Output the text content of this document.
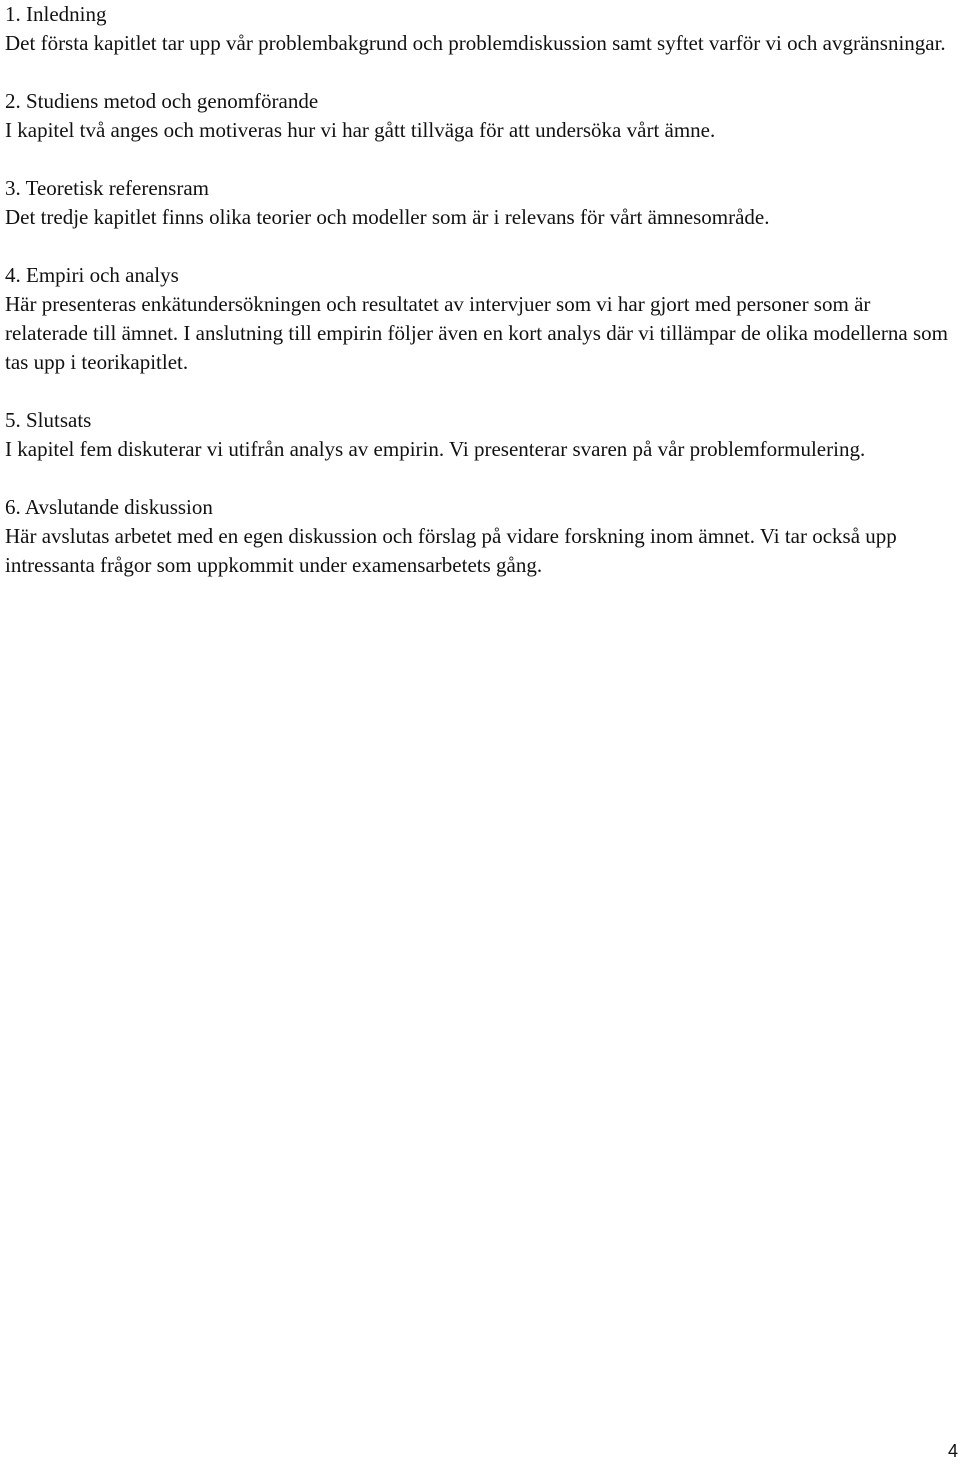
1. Inledning

Det första kapitlet tar upp vår problembakgrund och problemdiskussion samt syftet varför vi och avgränsningar.

2. Studiens metod och genomförande

I kapitel två anges och motiveras hur vi har gått tillväga för att undersöka vårt ämne.

3. Teoretisk referensram

Det tredje kapitlet finns olika teorier och modeller som är i relevans för vårt ämnesområde.

4. Empiri och analys

Här presenteras enkätundersökningen och resultatet av intervjuer som vi har gjort med personer som är relaterade till ämnet. I anslutning till empirin följer även en kort analys där vi tillämpar de olika modellerna som tas upp i teorikapitlet.

5. Slutsats

I kapitel fem diskuterar vi utifrån analys av empirin. Vi presenterar svaren på vår problemformulering.

6. Avslutande diskussion

Här avslutas arbetet med en egen diskussion och förslag på vidare forskning inom ämnet. Vi tar också upp intressanta frågor som uppkommit under examensarbetets gång.

4
